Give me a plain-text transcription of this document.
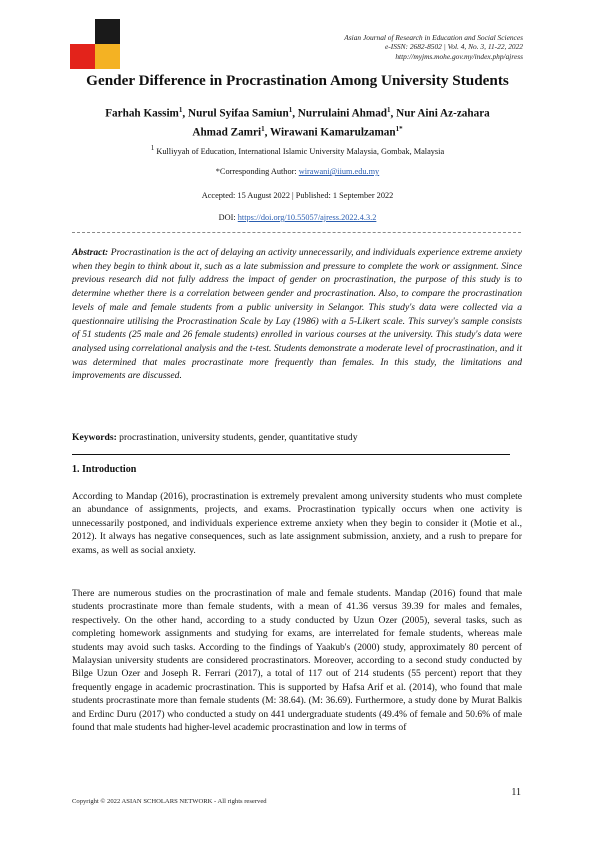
ASIAN
Scholars
Network	Asian Journal of Research in Education and Social Sciences
e-ISSN: 2682-8502 | Vol. 4, No. 3, 11-22, 2022
http://myjms.mohe.gov.my/index.php/ajress
Gender Difference in Procrastination Among University Students
Farhah Kassim$^1$, Nurul Syifaa Samiun$^1$, Nurrulaini Ahmad$^1$, Nur Aini Az-zahara
Ahmad Zamri$^1$, Wirawani Kamarulzaman$^{1*}$
$^1$ Kulliyyah of Education, International Islamic University Malaysia, Gombak, Malaysia
*Corresponding Author: wirawani@iium.edu.my
Accepted: 15 August 2022 | Published: 1 September 2022
DOI: https://doi.org/10.55057/ajress.2022.4.3.2
Abstract: Procrastination is the act of delaying an activity unnecessarily, and individuals experience extreme anxiety when they begin to think about it, such as a late submission and pressure to complete the work or assignment. Since previous research did not fully address the impact of gender on procrastination, the purpose of this study is to determine whether there is a correlation between gender and procrastination. Also, to compare the procrastination levels of male and female students from a public university in Selangor. This study's data were collected via a questionnaire utilising the Procrastination Scale by Lay (1986) with a 5-Likert scale. This survey's sample consists of 51 students (25 male and 26 female students) enrolled in various courses at the university. This study's data were analysed using correlational analysis and the t-test. Students demonstrate a moderate level of procrastination, and it was determined that males procrastinate more frequently than females. In this study, the limitations and improvements are discussed.
Keywords: procrastination, university students, gender, quantitative study
1. Introduction
According to Mandap (2016), procrastination is extremely prevalent among university students who must complete an abundance of assignments, projects, and exams. Procrastination typically occurs when one activity is unnecessarily postponed, and individuals experience extreme anxiety when they begin to consider it (Motie et al., 2012). It always has negative consequences, such as late assignment submission, anxiety, and a rush to prepare for exams, as well as social anxiety.
There are numerous studies on the procrastination of male and female students. Mandap (2016) found that male students procrastinate more than female students, with a mean of 41.36 versus 39.39 for males and females, respectively. On the other hand, according to a study conducted by Uzun Ozer (2005), several tasks, such as completing homework assignments and studying for exams, are interrelated for female students, whereas male students may avoid such tasks. According to the findings of Yaakub's (2000) study, approximately 80 percent of Malaysian university students are considered procrastinators. Moreover, according to a second study conducted by Bilge Uzun Ozer and Joseph R. Ferrari (2017), a total of 117 out of 214 students (55 percent) report that they frequently engage in academic procrastination. This is supported by Hafsa Arif et al. (2014), who found that male students procrastinate more than female students (M: 38.64). (M: 36.69). Furthermore, a study done by Murat Balkis and Erdinc Duru (2017) who conducted a study on 441 undergraduate students (49.4% of female and 50.6% of male found that male students had higher-level academic procrastination and low in terms of
11
Copyright © 2022 ASIAN SCHOLARS NETWORK - All rights reserved
